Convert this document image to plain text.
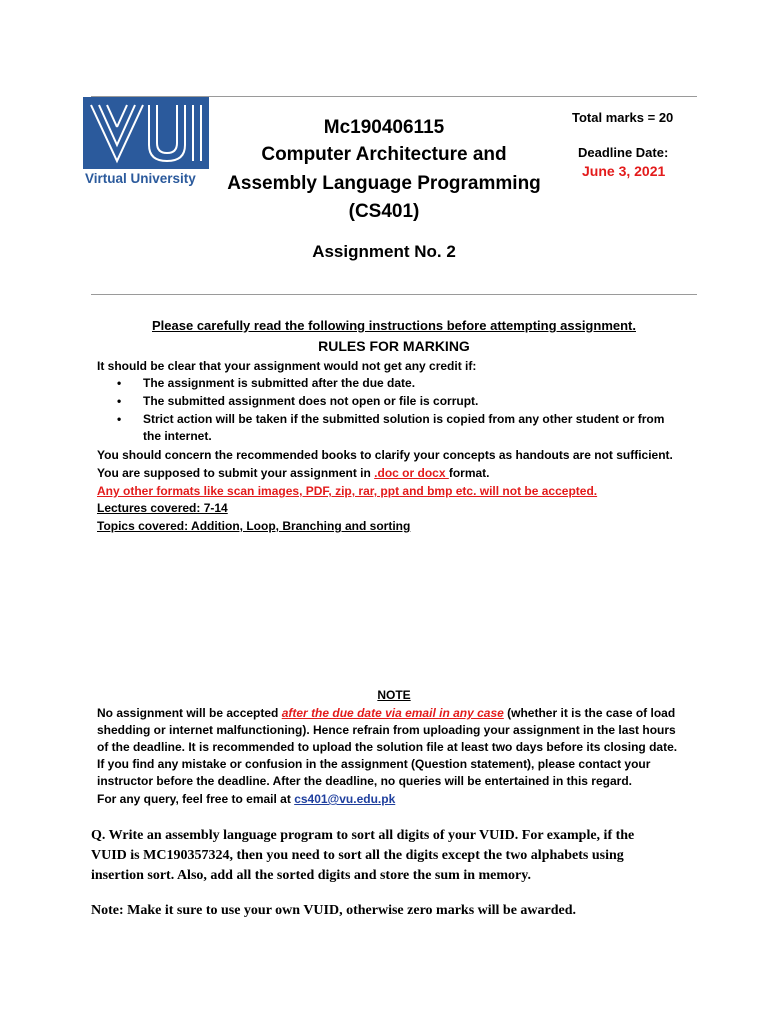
Virtual University
Mc190406115
Computer Architecture and
Assembly Language Programming
(CS401)
Assignment No. 2
Total marks = 20
Deadline Date:
June 3, 2021
Please carefully read the following instructions before attempting assignment.
RULES FOR MARKING
It should be clear that your assignment would not get any credit if:
• The assignment is submitted after the due date.
• The submitted assignment does not open or file is corrupt.
• Strict action will be taken if the submitted solution is copied from any other student or from
the internet.
You should concern the recommended books to clarify your concepts as handouts are not sufficient.
You are supposed to submit your assignment in .doc or docx format.
Any other formats like scan images, PDF, zip, rar, ppt and bmp etc. will not be accepted.
Lectures covered: 7-14
Topics covered: Addition, Loop, Branching and sorting
NOTE
No assignment will be accepted after the due date via email in any case (whether it is the case of load
shedding or internet malfunctioning). Hence refrain from uploading your assignment in the last hours
of the deadline. It is recommended to upload the solution file at least two days before its closing date.
If you find any mistake or confusion in the assignment (Question statement), please contact your
instructor before the deadline. After the deadline, no queries will be entertained in this regard.
For any query, feel free to email at cs401@vu.edu.pk
Q. Write an assembly language program to sort all digits of your VUID. For example, if the
VUID is MC190357324, then you need to sort all the digits except the two alphabets using
insertion sort. Also, add all the sorted digits and store the sum in memory.
Note: Make it sure to use your own VUID, otherwise zero marks will be awarded.
